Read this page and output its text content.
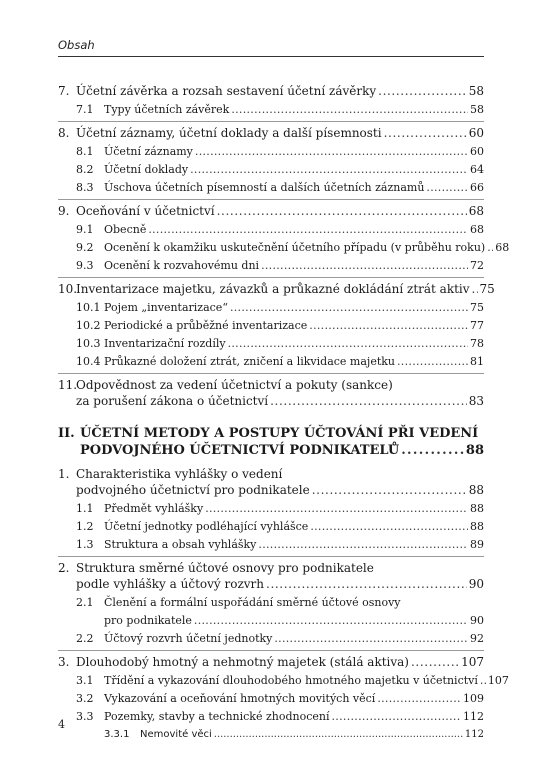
Obsah
7. Účetní závěrka a rozsah sestavení účetní závěrky . . .	58
7.1 Typy účetních závěrek . . .	58
8. Účetní záznamy, účetní doklady a další písemnosti . . .	60
8.1 Účetní záznamy . . .	60
8.2 Účetní doklady . . .	64
8.3 Úschova účetních písemností a dalších účetních záznamů . . .	66
9. Oceňování v účetnictví . . .	68
9.1 Obecně . . .	68
9.2 Ocenění k okamžiku uskutečnění účetního případu (v průběhu roku) . . . 68
9.3 Ocenění k rozvahovému dni . . .	72
10.
Inventarizace majetku, závazků a průkazné dokládání ztrát aktiv . . . 75
10.1 Pojem „inventarizace“ . . .	75
10.2 Periodické a průběžné inventarizace . . .	77
10.3 Inventarizační rozdíly . . .	78
10.4 Průkazné doložení ztrát, zničení a likvidace majetku . . .	81
11.
Odpovědnost za vedení účetnictví a pokuty (sankce)
za porušení zákona o účetnictví . . .	83
II. ÚČETNÍ METODY A POSTUPY ÚČTOVÁNÍ PŘI VEDENÍ
PODVOJNÉHO ÚČETNICTVÍ PODNIKATELŮ . . .	88
1. Charakteristika vyhlášky o vedení
podvojného účetnictví pro podnikatele . . .	88
1.1 Předmět vyhlášky . . .	88
1.2 Účetní jednotky podléhající vyhlášce . . .	88
1.3 Struktura a obsah vyhlášky . . .	89
2. Struktura směrné účtové osnovy pro podnikatele
podle vyhlášky a účtový rozvrh . . .	90
2.1 Členění a formální uspořádání směrné účtové osnovy
pro podnikatele . . .	90
2.2 Účtový rozvrh účetní jednotky . . .	92
3. Dlouhodobý hmotný a nehmotný majetek (stálá aktiva) . . .	107
3.1 Třídění a vykazování dlouhodobého hmotného majetku v účetnictví . . . 107
3.2 Vykazování a oceňování hmotných movitých věcí . . .	109
3.3 Pozemky, stavby a technické zhodnocení . . .	112
3.3.1	Nemovité věci . . .	112
4
